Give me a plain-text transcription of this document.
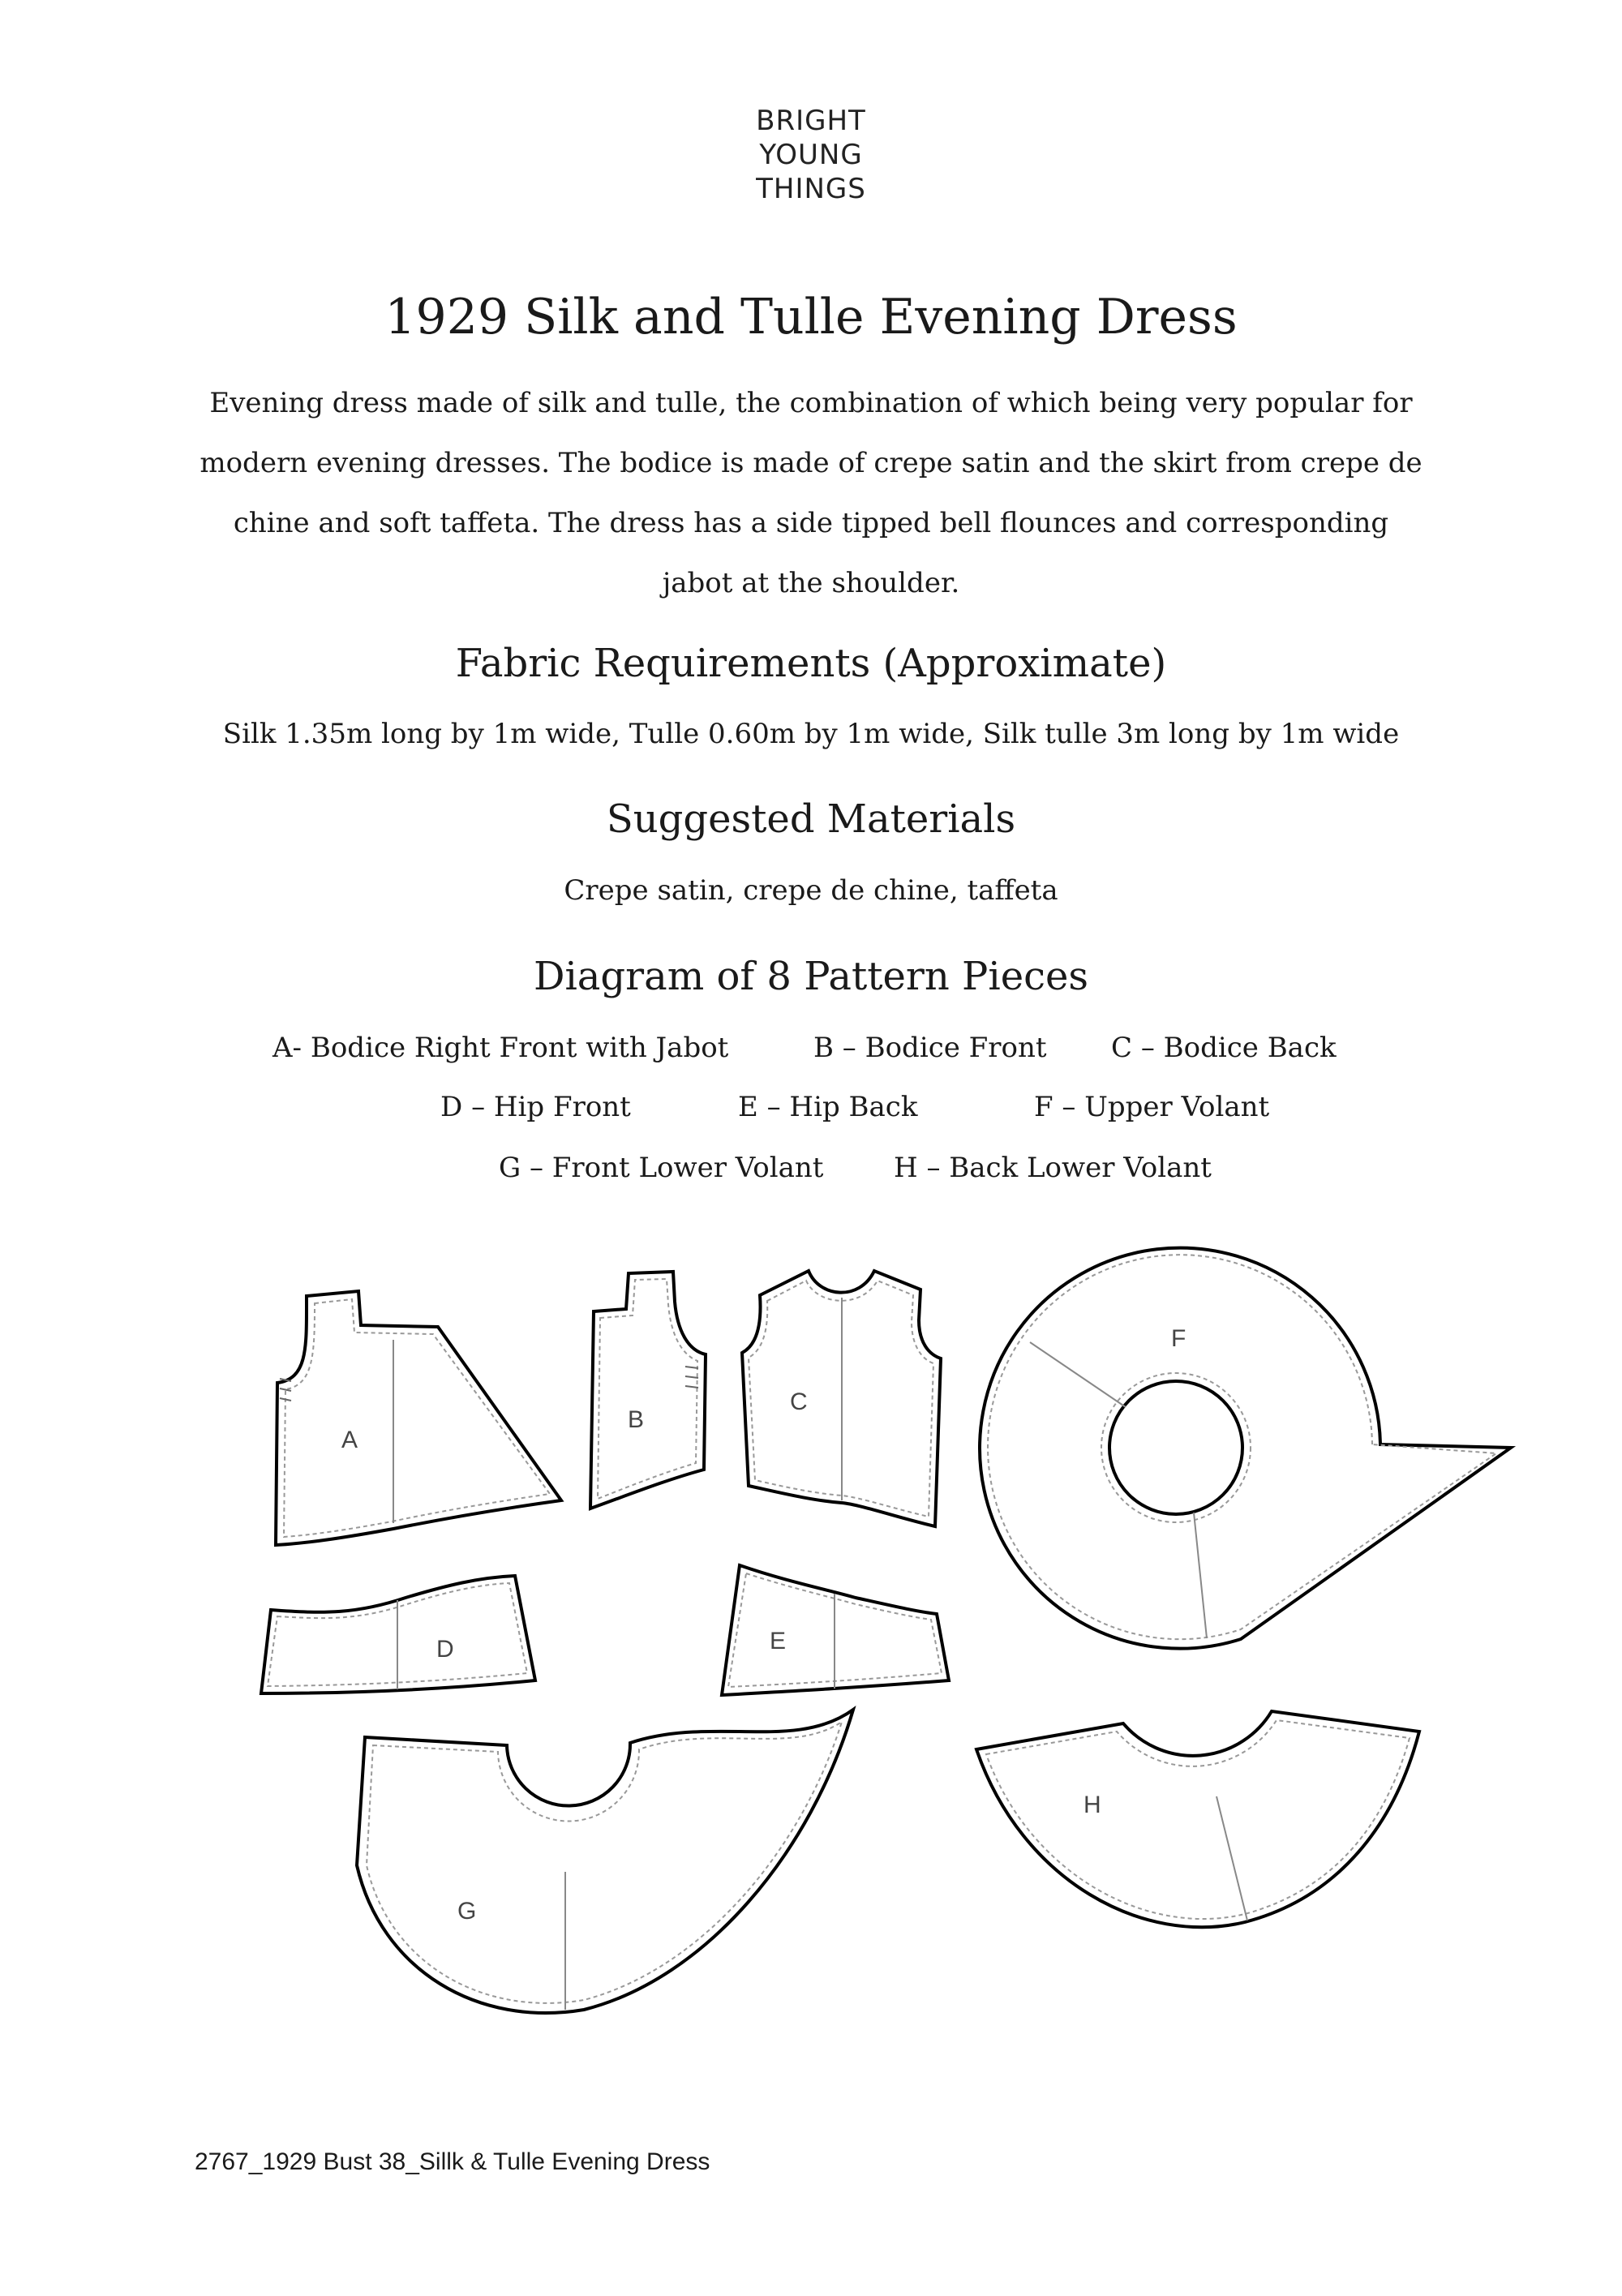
BRIGHT
YOUNG
THINGS
1929 Silk and Tulle Evening Dress

Evening dress made of silk and tulle, the combination of which being very popular for modern evening dresses. The bodice is made of crepe satin and the skirt from crepe de chine and soft taffeta. The dress has a side tipped bell flounces and corresponding jabot at the shoulder.

Fabric Requirements (Approximate)

Silk 1.35m long by 1m wide, Tulle 0.60m by 1m wide, Silk tulle 3m long by 1m wide

Suggested Materials

Crepe satin, crepe de chine, taffeta

Diagram of 8 Pattern Pieces
A- Bodice Right Front with Jabot	B – Bodice Front C – Bodice Back
D – Hip Front	E – Hip Back	F – Upper Volant
G – Front Lower Volant	H – Back Lower Volant
A
B
C
F
D	E
G
H
2767_1929 Bust 38_Sillk & Tulle Evening Dress
